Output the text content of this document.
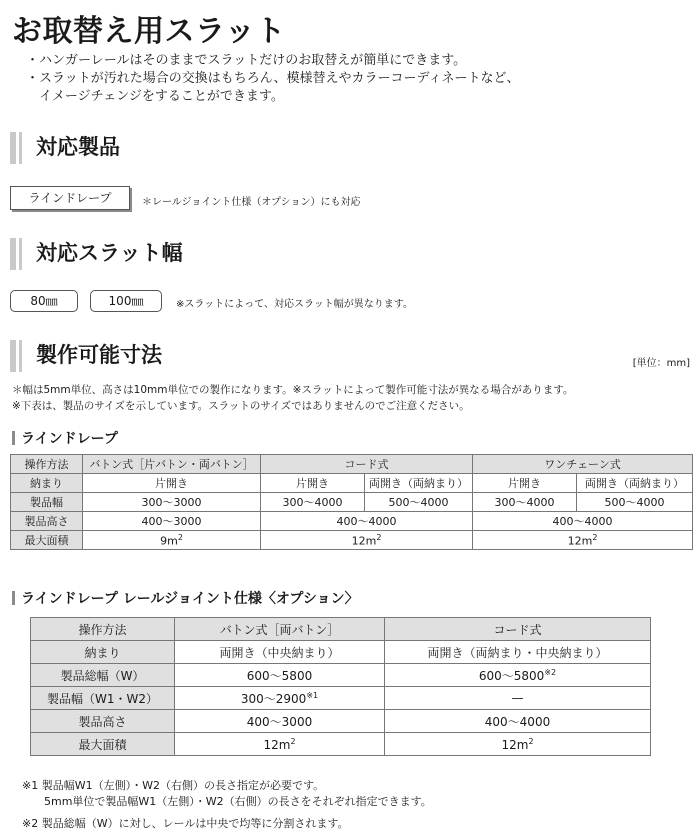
お取替え用スラット
・ハンガーレールはそのままでスラットだけのお取替えが簡単にできます。
・スラットが汚れた場合の交換はもちろん、模様替えやカラーコーディネートなど、
　イメージチェンジをすることができます。
対応製品
ラインドレープ	＊レールジョイント仕様（オプション）にも対応
対応スラット幅
80㎜	100㎜	※スラットによって、対応スラット幅が異なります。
製作可能寸法	[単位：mm]
＊幅は5mm単位、高さは10mm単位での製作になります。※スラットによって製作可能寸法が異なる場合があります。
※下表は、製品のサイズを示しています。スラットのサイズではありませんのでご注意ください。
ラインドレープ
操作方法	バトン式［片バトン・両バトン］	コード式		ワンチェーン式	
納まり	片開き	片開き	両開き（両納まり）	片開き	両開き（両納まり）
製品幅	300～3000	300～4000	500～4000	300～4000	500～4000
製品高さ	400～3000	400～4000		400～4000	
最大面積	$9m^2$	$12m^2$		$12m^2$
ラインドレープ レールジョイント仕様〈オプション〉
操作方法	バトン式［両バトン］	コード式
納まり	両開き（中央納まり）	両開き（両納まり・中央納まり）
製品総幅（W）	600～5800	600～5800$^{※2}$
製品幅（W1・W2）	300～2900$^{※1}$	—
製品高さ	400～3000	400～4000
最大面積	$12m^2$	$12m^2$
※1 製品幅W1（左側）・W2（右側）の長さ指定が必要です。
　　5mm単位で製品幅W1（左側）・W2（右側）の長さをそれぞれ指定できます。
※2 製品総幅（W）に対し、レールは中央で均等に分割されます。
